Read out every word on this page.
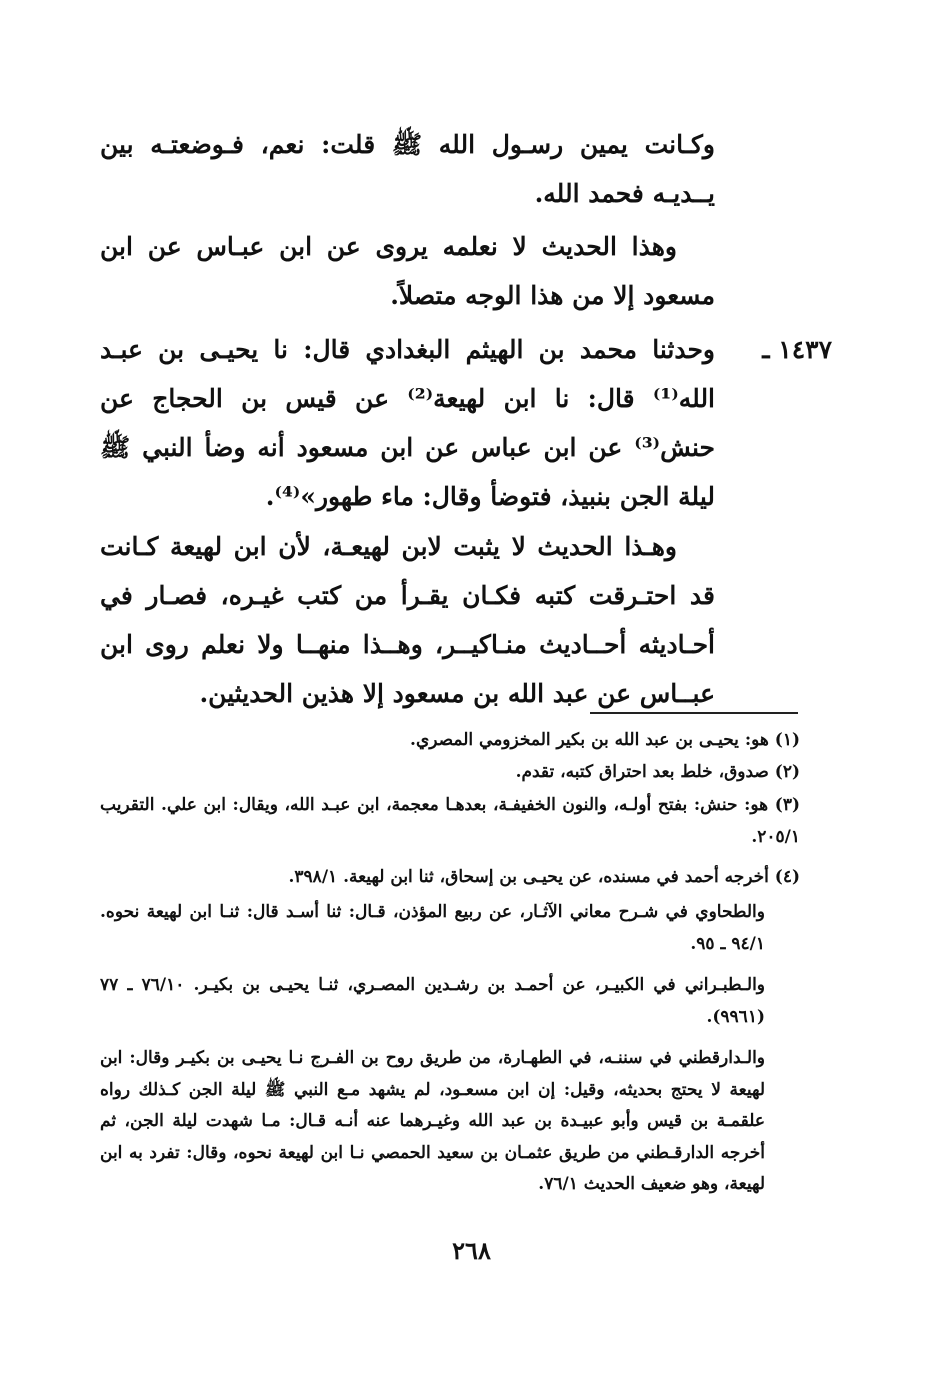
وكـانت يمين رسـول الله ﷺ قلت: نعم، فـوضعتـه بين يــديـه فحمد الله.

وهذا الحديث لا نعلمه يروى عن ابن عبـاس عن ابن مسعود إلا من هذا الوجه متصلاً.

١٤٣٧ ـ

وحدثنا محمد بن الهيثم البغدادي قال: نا يحيـى بن عبـد الله⁽¹⁾ قال: نا ابن لهيعة⁽²⁾ عن قيس بن الحجاج عن حنش⁽³⁾ عن ابن عباس عن ابن مسعود أنه وضأ النبي ﷺ ليلة الجن بنبيذ، فتوضأ وقال: ماء طهور»⁽⁴⁾.

وهـذا الحديث لا يثبت لابن لهيعـة، لأن ابن لهيعة كـانت قد احتـرقت كتبه فكـان يقـرأ من كتب غيـره، فصـار في أحـاديثه أحــاديث منـاكيــر، وهــذا منهــا ولا نعلم روى ابن عبــاس عن عبد الله بن مسعود إلا هذين الحديثين.

(١) هو: يحيـى بن عبد الله بن بكير المخزومي المصري.

(٢) صدوق، خلط بعد احتراق كتبه، تقدم.

(٣) هو: حنش: بفتح أولـه، والنون الخفيفـة، بعدهـا معجمة، ابن عبـد الله، ويقال: ابن علي. التقريب ٢٠٥/١.

(٤) أخرجه أحمد في مسنده، عن يحيـى بن إسحاق، ثنا ابن لهيعة. ٣٩٨/١.

والطحاوي في شـرح معاني الآثـار، عن ربيع المؤذن، قـال: ثنا أسـد قال: ثنـا ابن لهيعة نحوه. ٩٤/١ ـ ٩٥.

والـطبـراني في الكبيـر، عن أحمـد بن رشـدين المصـري، ثنـا يحيـى بن بكيـر. ٧٦/١٠ ـ ٧٧ (٩٩٦١).

والـدارقطني في سننـه، في الطهـارة، من طريق روح بن الفـرج نـا يحيـى بن بكيـر وقال: ابن لهيعة لا يحتج بحديثه، وقيل: إن ابن مسعـود، لم يشهد مـع النبي ﷺ ليلة الجن كـذلك رواه علقمـة بن قيس وأبو عبيـدة بن عبد الله وغيـرهما عنه أنـه قـال: مـا شهدت ليلة الجن، ثم أخرجه الدارقـطني من طريق عثمـان بن سعيد الحمصي نـا ابن لهيعة نحوه، وقال: تفرد به ابن لهيعة، وهو ضعيف الحديث ٧٦/١.

٢٦٨
